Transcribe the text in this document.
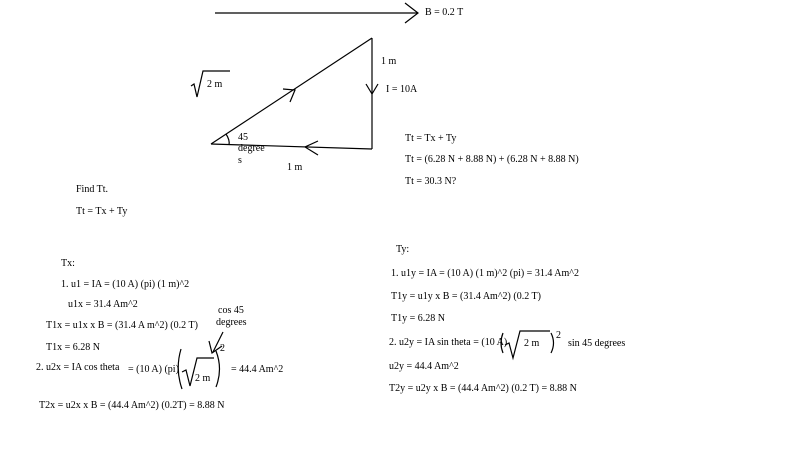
B = 0.2 T
2 m
1 m
I = 10A
45
degree
s
1 m
Find Tt.
Tt = Tx + Ty
Tt = Tx + Ty
Tt = (6.28 N + 8.88 N) + (6.28 N + 8.88 N)
Tt = 30.3 N?
Tx:
1. u1 = IA = (10 A) (pi) (1 m)^2
u1x = 31.4 Am^2
T1x = u1x x B = (31.4 A m^2) (0.2 T)
T1x = 6.28 N
cos 45
degrees
2. u2x = IA cos theta = (10 A) (pi)
2 m
2
= 44.4 Am^2
T2x = u2x x B = (44.4 Am^2) (0.2T) = 8.88 N
Ty:
1. u1y = IA = (10 A) (1 m)^2 (pi) = 31.4 Am^2
T1y = u1y x B = (31.4 Am^2) (0.2 T)
T1y = 6.28 N
2. u2y = IA sin theta = (10 A) 2 m
2
sin 45 degrees
u2y = 44.4 Am^2
T2y = u2y x B = (44.4 Am^2) (0.2 T) = 8.88 N
